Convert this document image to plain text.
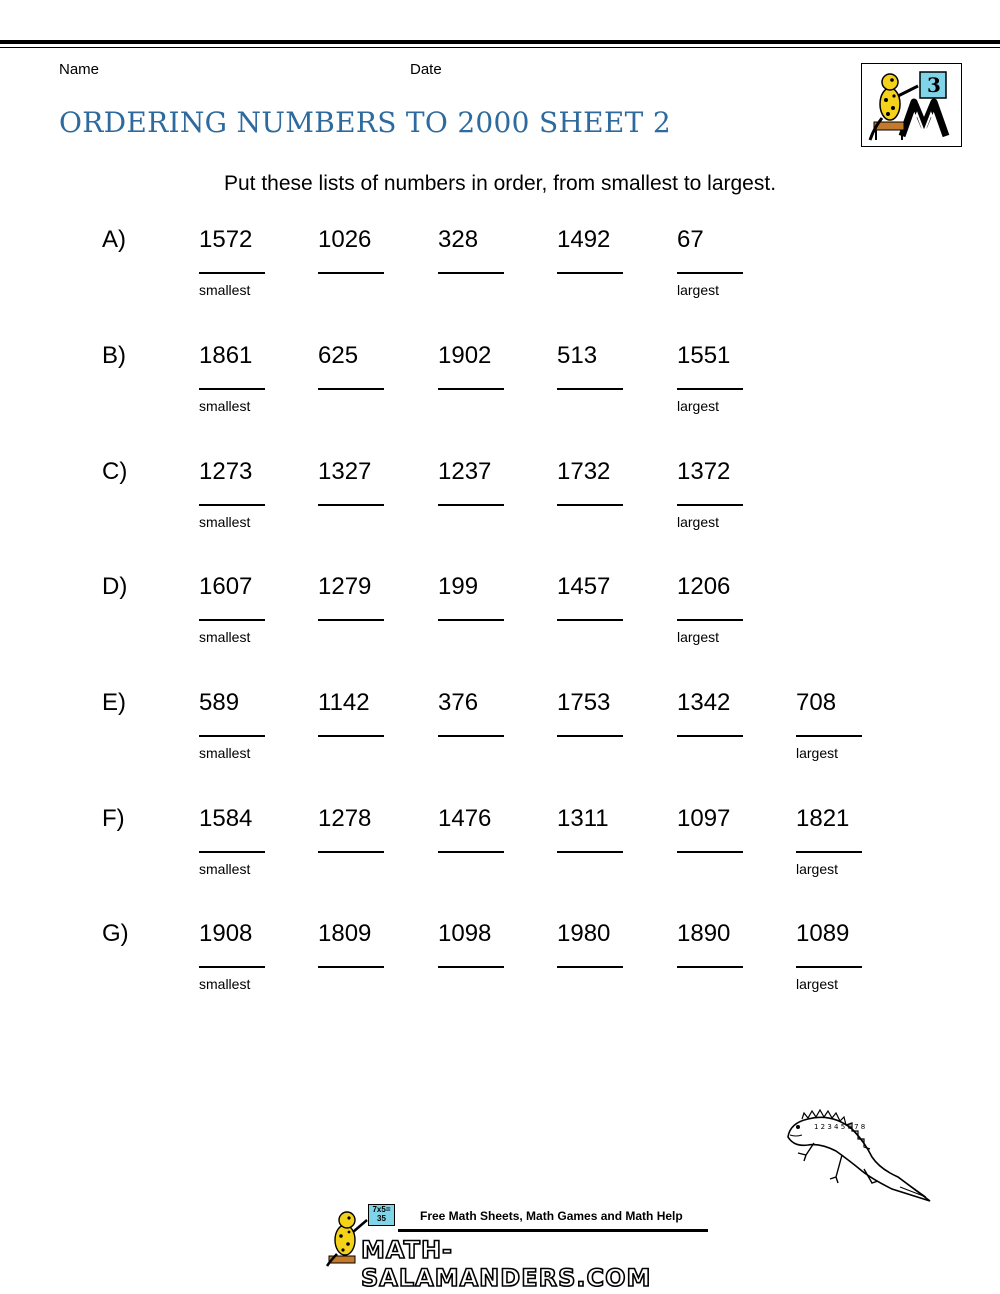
Name	Date
ORDERING NUMBERS TO 2000 SHEET 2
3
Put these lists of numbers in order, from smallest to largest.
A)	1572	1026	328	1492	67
smallest	largest
B)	1861	625	1902	513	1551
smallest	largest
C)	1273	1327	1237	1732	1372
smallest	largest
D)	1607	1279	199	1457	1206
smallest	largest
E)	589	1142	376	1753	1342	708
smallest	largest
F)	1584	1278	1476	1311	1097	1821
smallest	largest
G)	1908	1809	1098	1980	1890	1089
smallest	largest
1 2 3 4 5 6 7 8
7x5=
35	Free Math Sheets, Math Games and Math Help
MATH-SALAMANDERS.COM
